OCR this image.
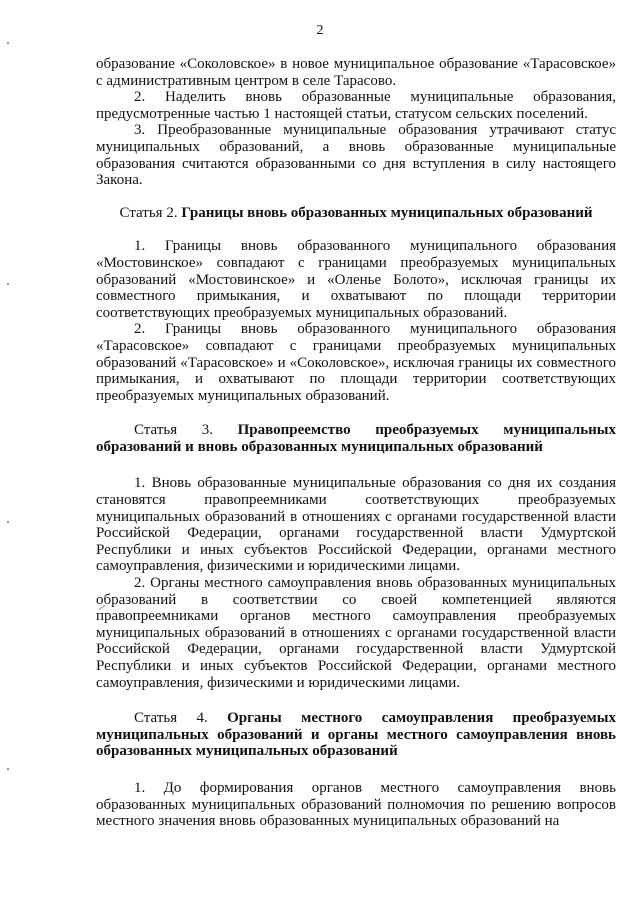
2

образование «Соколовское» в новое муниципальное образование «Тарасовское» с административным центром в селе Тарасово.

2. Наделить вновь образованные муниципальные образования, предусмотренные частью 1 настоящей статьи, статусом сельских поселений.

3. Преобразованные муниципальные образования утрачивают статус муниципальных образований, а вновь образованные муниципальные образования считаются образованными со дня вступления в силу настоящего Закона.

Статья 2. Границы вновь образованных муниципальных образований

1. Границы вновь образованного муниципального образования «Мостовинское» совпадают с границами преобразуемых муниципальных образований «Мостовинское» и «Оленье Болото», исключая границы их совместного примыкания, и охватывают по площади территории соответствующих преобразуемых муниципальных образований.

2. Границы вновь образованного муниципального образования «Тарасовское» совпадают с границами преобразуемых муниципальных образований «Тарасовское» и «Соколовское», исключая границы их совместного примыкания, и охватывают по площади территории соответствующих преобразуемых муниципальных образований.

Статья 3. Правопреемство преобразуемых муниципальных образований и вновь образованных муниципальных образований

1. Вновь образованные муниципальные образования со дня их создания становятся правопреемниками соответствующих преобразуемых муниципальных образований в отношениях с органами государственной власти Российской Федерации, органами государственной власти Удмуртской Республики и иных субъектов Российской Федерации, органами местного самоуправления, физическими и юридическими лицами.

2. Органы местного самоуправления вновь образованных муниципальных образований в соответствии со своей компетенцией являются правопреемниками органов местного самоуправления преобразуемых муниципальных образований в отношениях с органами государственной власти Российской Федерации, органами государственной власти Удмуртской Республики и иных субъектов Российской Федерации, органами местного самоуправления, физическими и юридическими лицами.

Статья 4. Органы местного самоуправления преобразуемых муниципальных образований и органы местного самоуправления вновь образованных муниципальных образований

1. До формирования органов местного самоуправления вновь образованных муниципальных образований полномочия по решению вопросов местного значения вновь образованных муниципальных образований на
